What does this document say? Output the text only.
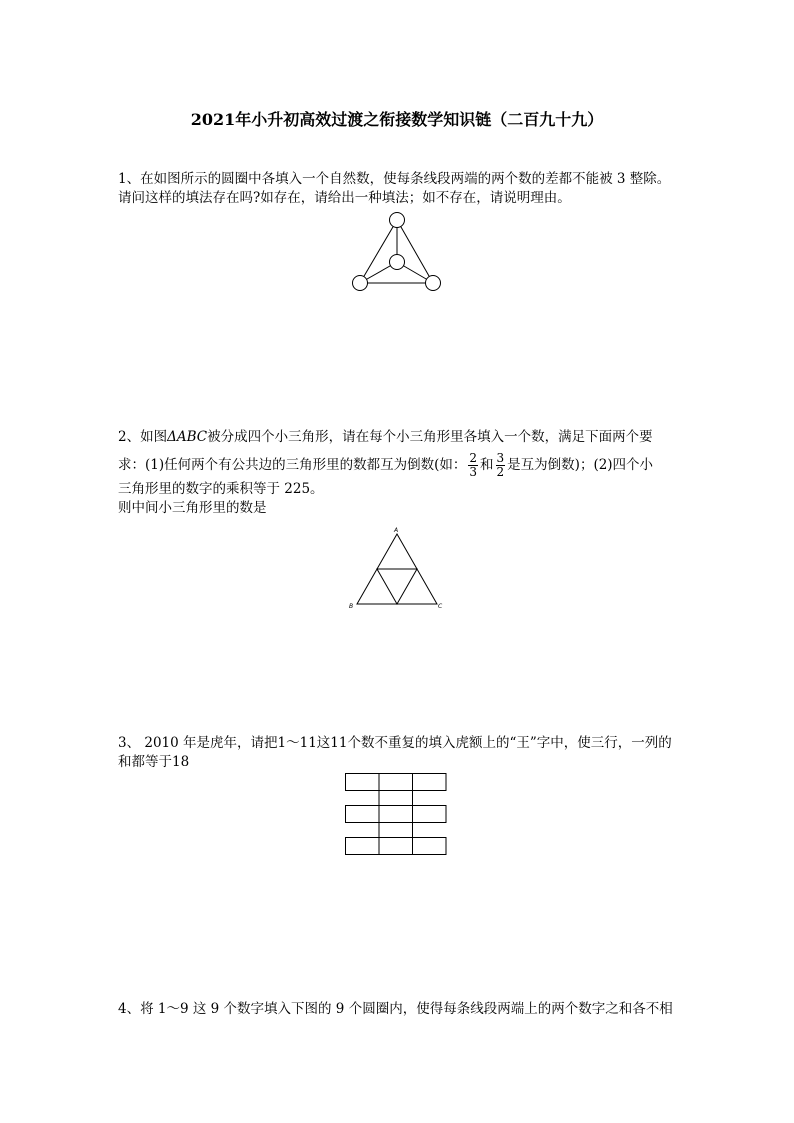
2021年小升初高效过渡之衔接数学知识链（二百九十九）
1、在如图所示的圆圈中各填入一个自然数，使每条线段两端的两个数的差都不能被 3 整除。
请问这样的填法存在吗?如存在，请给出一种填法；如不存在，请说明理由。
2、如图ΔABC被分成四个小三角形，请在每个小三角形里各填入一个数，满足下面两个要
求：(1)任何两个有公共边的三角形里的数都互为倒数(如： $\frac{2}{3}$ 和 $\frac{3}{2}$ 是互为倒数)；(2)四个小
三角形里的数字的乘积等于 225。
则中间小三角形里的数是
A
B	C
3、 2010 年是虎年，请把1～11这11个数不重复的填入虎额上的“王”字中，使三行，一列的
和都等于18
4、将 1～9 这 9 个数字填入下图的 9 个圆圈内，使得每条线段两端上的两个数字之和各不相
